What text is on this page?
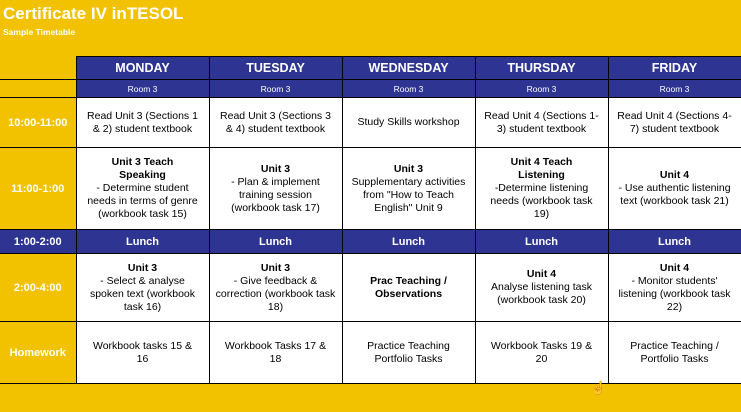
Certificate IV inTESOL
Sample Timetable
	MONDAY	TUESDAY	WEDNESDAY	THURSDAY	FRIDAY
	Room 3	Room 3	Room 3	Room 3	Room 3
10:00-11:00	Read Unit 3 (Sections 1
& 2) student textbook	Read Unit 3 (Sections 3
& 4) student textbook	Study Skills workshop	Read Unit 4 (Sections 1-
3) student textbook	Read Unit 4 (Sections 4-
7) student textbook

11:00-1:00	Unit 3 Teach
Speaking
- Determine student
needs in terms of genre
(workbook task 15)	Unit 3
- Plan & implement
training session
(workbook task 17)	Unit 3
Supplementary activities
from "How to Teach
English" Unit 9	Unit 4 Teach
Listening
-Determine listening
needs (workbook task
19)	Unit 4
- Use authentic listening
text (workbook task 21)

1:00-2:00	Lunch	Lunch	Lunch	Lunch	Lunch
2:00-4:00	Unit 3
- Select & analyse
spoken text (workbook
task 16)	Unit 3
- Give feedback &
correction (workbook task
18)	Prac Teaching /
Observations	Unit 4
Analyse listening task
(workbook task 20)	Unit 4
- Monitor students'
listening (workbook task
22)

Homework	Workbook tasks 15 &
16	Workbook Tasks 17 &
18	Practice Teaching
Portfolio Tasks	Workbook Tasks 19 &
20	Practice Teaching /
Portfolio Tasks
☝
